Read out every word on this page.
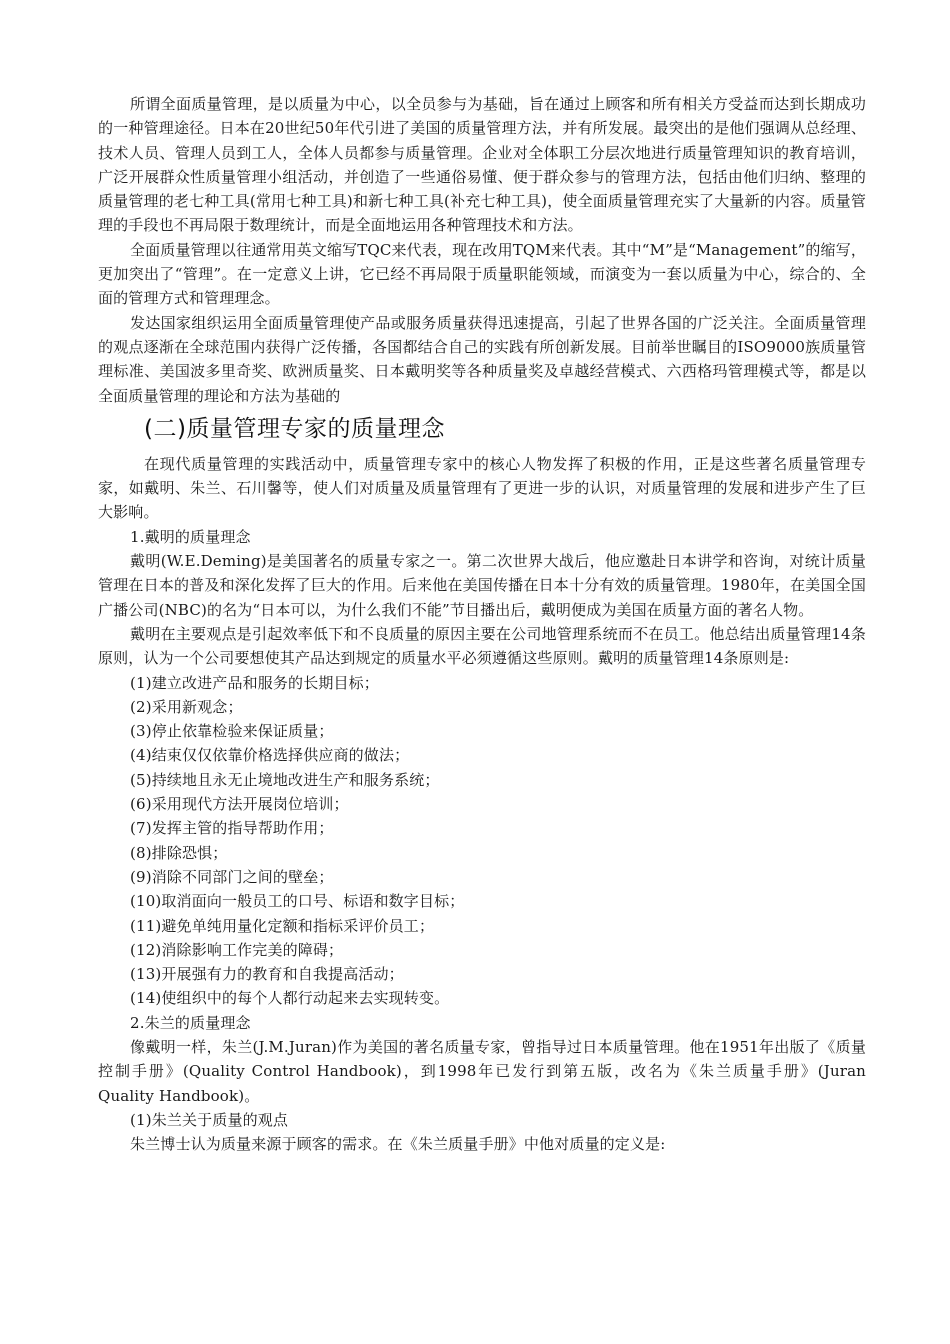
所谓全面质量管理，是以质量为中心，以全员参与为基础，旨在通过上顾客和所有相关方受益而达到长期成功的一种管理途径。日本在20世纪50年代引进了美国的质量管理方法，并有所发展。最突出的是他们强调从总经理、技术人员、管理人员到工人，全体人员都参与质量管理。企业对全体职工分层次地进行质量管理知识的教育培训，广泛开展群众性质量管理小组活动，并创造了一些通俗易懂、便于群众参与的管理方法，包括由他们归纳、整理的质量管理的老七种工具(常用七种工具)和新七种工具(补充七种工具)，使全面质量管理充实了大量新的内容。质量管理的手段也不再局限于数理统计，而是全面地运用各种管理技术和方法。

全面质量管理以往通常用英文缩写TQC来代表，现在改用TQM来代表。其中“M”是“Management”的缩写，更加突出了“管理”。在一定意义上讲，它已经不再局限于质量职能领域，而演变为一套以质量为中心，综合的、全面的管理方式和管理理念。

发达国家组织运用全面质量管理使产品或服务质量获得迅速提高，引起了世界各国的广泛关注。全面质量管理的观点逐渐在全球范围内获得广泛传播，各国都结合自己的实践有所创新发展。目前举世瞩目的ISO9000族质量管理标准、美国波多里奇奖、欧洲质量奖、日本戴明奖等各种质量奖及卓越经营模式、六西格玛管理模式等，都是以全面质量管理的理论和方法为基础的

(二)质量管理专家的质量理念

在现代质量管理的实践活动中，质量管理专家中的核心人物发挥了积极的作用，正是这些著名质量管理专家，如戴明、朱兰、石川馨等，使人们对质量及质量管理有了更进一步的认识，对质量管理的发展和进步产生了巨大影响。

1.戴明的质量理念

戴明(W.E.Deming)是美国著名的质量专家之一。第二次世界大战后，他应邀赴日本讲学和咨询，对统计质量管理在日本的普及和深化发挥了巨大的作用。后来他在美国传播在日本十分有效的质量管理。1980年，在美国全国广播公司(NBC)的名为“日本可以，为什么我们不能”节目播出后，戴明便成为美国在质量方面的著名人物。

戴明在主要观点是引起效率低下和不良质量的原因主要在公司地管理系统而不在员工。他总结出质量管理14条原则，认为一个公司要想使其产品达到规定的质量水平必须遵循这些原则。戴明的质量管理14条原则是:

(1)建立改进产品和服务的长期目标；

(2)采用新观念；

(3)停止依靠检验来保证质量；

(4)结束仅仅依靠价格选择供应商的做法；

(5)持续地且永无止境地改进生产和服务系统；

(6)采用现代方法开展岗位培训；

(7)发挥主管的指导帮助作用；

(8)排除恐惧；

(9)消除不同部门之间的壁垒；

(10)取消面向一般员工的口号、标语和数字目标；

(11)避免单纯用量化定额和指标采评价员工；

(12)消除影响工作完美的障碍；

(13)开展强有力的教育和自我提高活动；

(14)使组织中的每个人都行动起来去实现转变。

2.朱兰的质量理念

像戴明一样，朱兰(J.M.Juran)作为美国的著名质量专家，曾指导过日本质量管理。他在1951年出版了《质量控制手册》(Quality Control Handbook)，到1998年已发行到第五版，改名为《朱兰质量手册》(Juran Quality Handbook)。

(1)朱兰关于质量的观点

朱兰博士认为质量来源于顾客的需求。在《朱兰质量手册》中他对质量的定义是:
